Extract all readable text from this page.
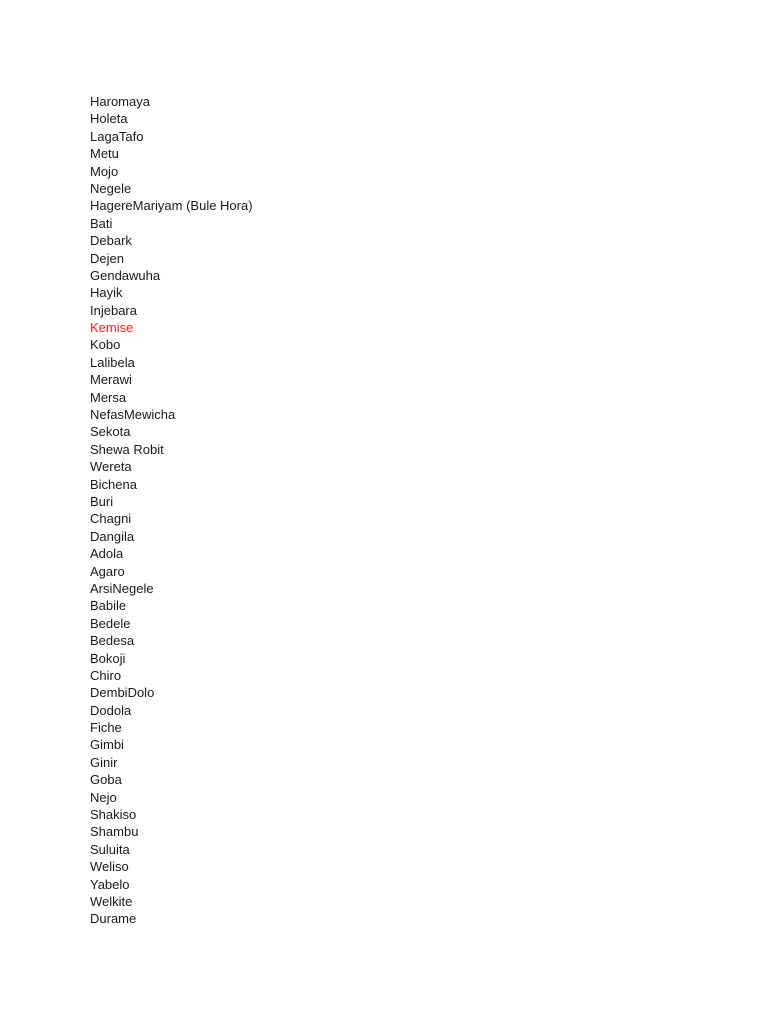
Haromaya
Holeta
LagaTafo
Metu
Mojo
Negele
HagereMariyam (Bule Hora)
Bati
Debark
Dejen
Gendawuha
Hayik
Injebara
Kemise
Kobo
Lalibela
Merawi
Mersa
NefasMewicha
Sekota
Shewa Robit
Wereta
Bichena
Buri
Chagni
Dangila
Adola
Agaro
ArsiNegele
Babile
Bedele
Bedesa
Bokoji
Chiro
DembiDolo
Dodola
Fiche
Gimbi
Ginir
Goba
Nejo
Shakiso
Shambu
Suluita
Weliso
Yabelo
Welkite
Durame
